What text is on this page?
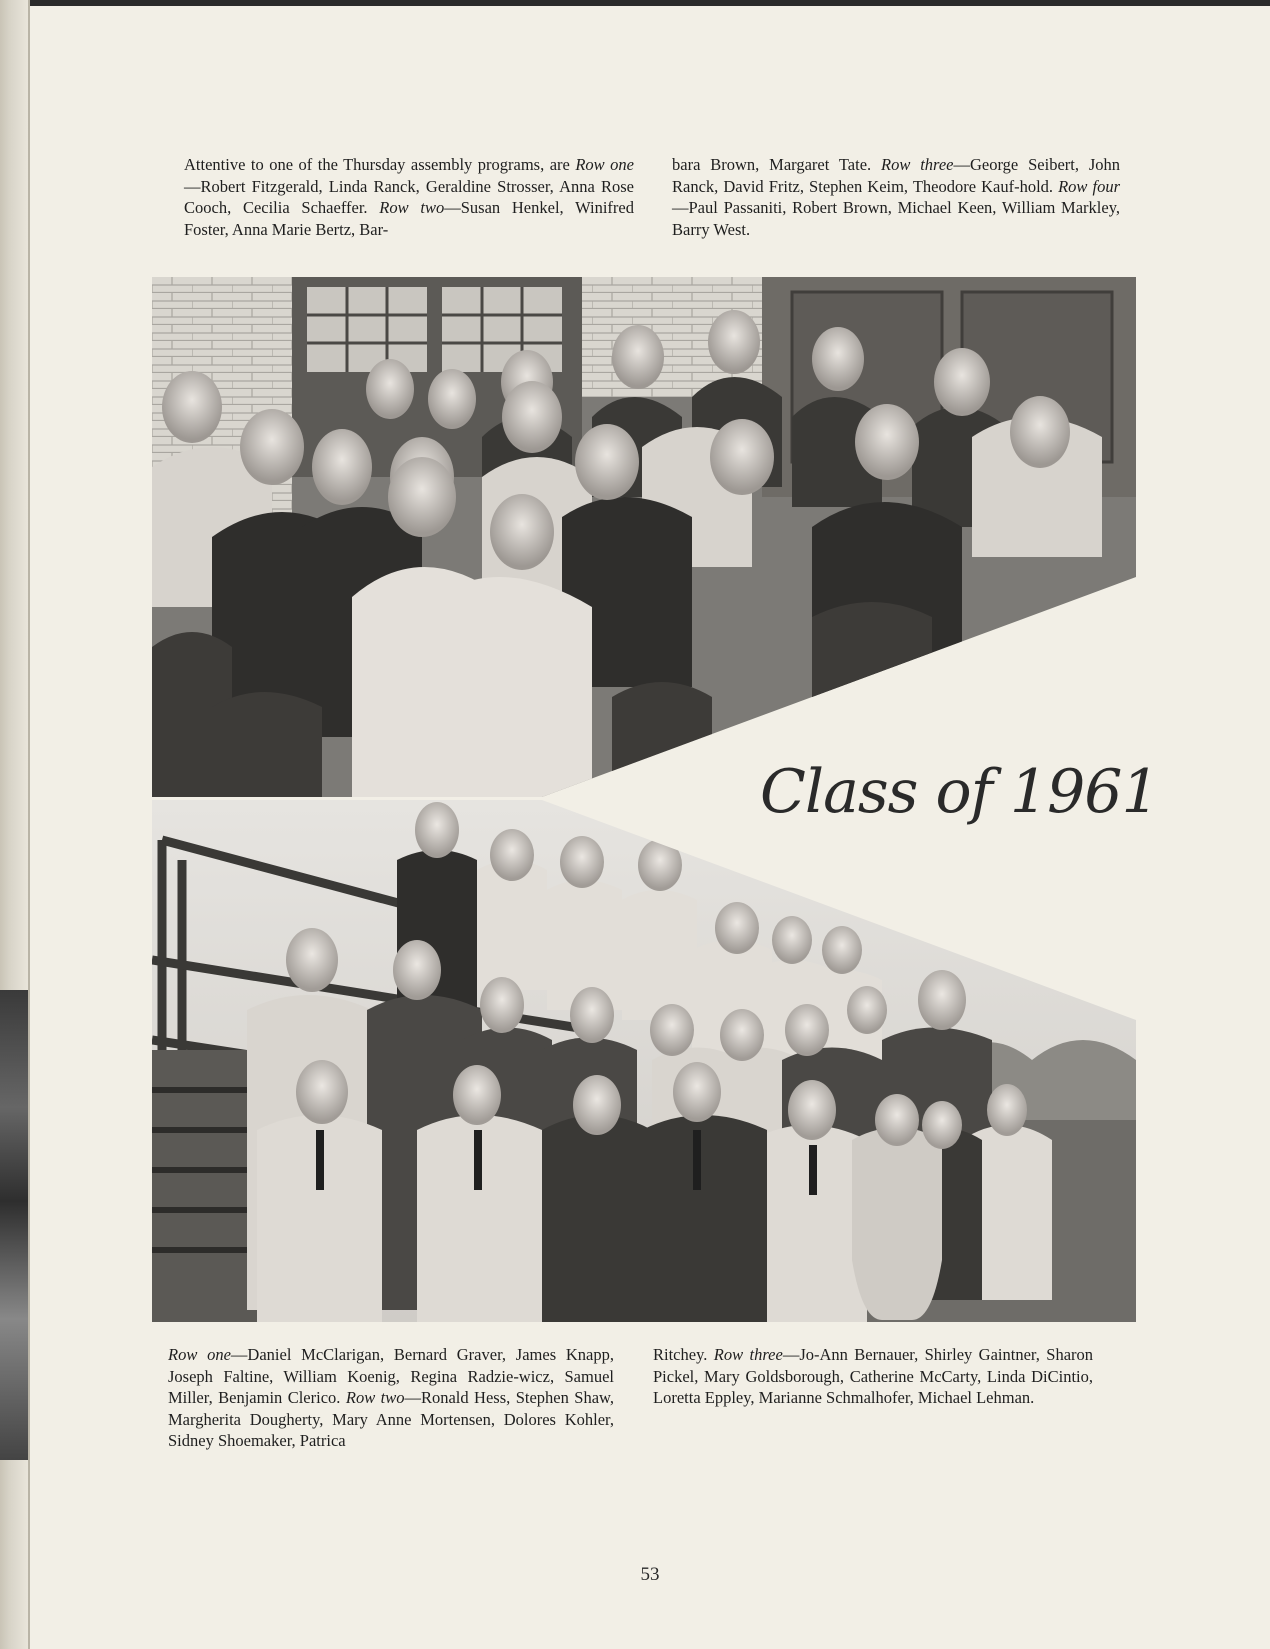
Attentive to one of the Thursday assembly programs, are Row one—Robert Fitzgerald, Linda Ranck, Geraldine Strosser, Anna Rose Cooch, Cecilia Schaeffer. Row two—Susan Henkel, Winifred Foster, Anna Marie Bertz, Bar-

bara Brown, Margaret Tate. Row three—George Seibert, John Ranck, David Fritz, Stephen Keim, Theodore Kauf-hold. Row four—Paul Passaniti, Robert Brown, Michael Keen, William Markley, Barry West.

Class of 1961

Row one—Daniel McClarigan, Bernard Graver, James Knapp, Joseph Faltine, William Koenig, Regina Radzie-wicz, Samuel Miller, Benjamin Clerico. Row two—Ronald Hess, Stephen Shaw, Margherita Dougherty, Mary Anne Mortensen, Dolores Kohler, Sidney Shoemaker, Patrica

Ritchey. Row three—Jo-Ann Bernauer, Shirley Gaintner, Sharon Pickel, Mary Goldsborough, Catherine McCarty, Linda DiCintio, Loretta Eppley, Marianne Schmalhofer, Michael Lehman.

53
